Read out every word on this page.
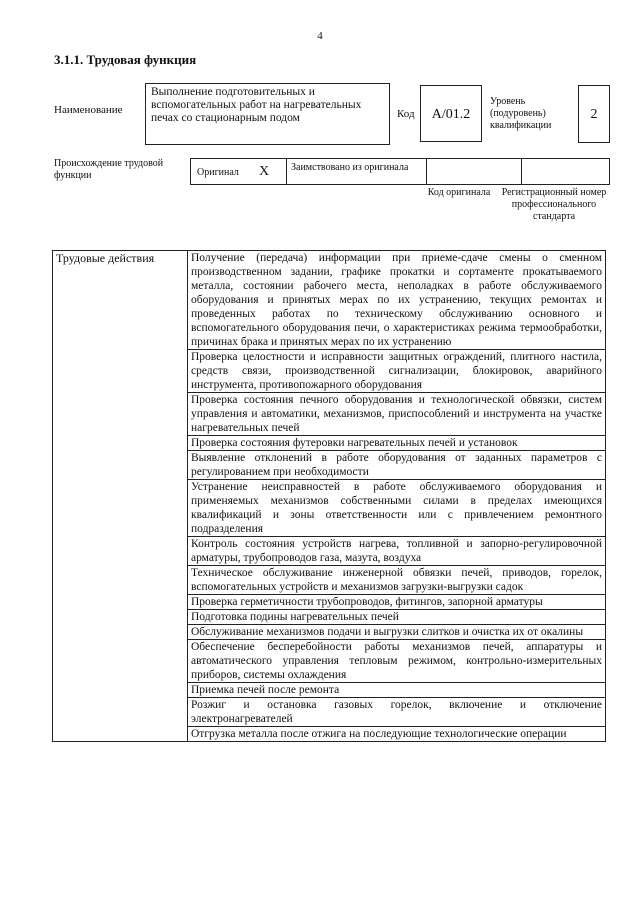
4
3.1.1. Трудовая функция
Наименование
Выполнение подготовительных и вспомогательных работ на нагревательных печах со стационарным подом	Код	A/01.2
Уровень (подуровень) квалификации
2
Происхождение трудовой функции	Оригинал X	Заимствовано из оригинала
Код оригинала Регистрационный номер профессионального стандарта
Трудовые действия	Получение (передача) информации при приеме-сдаче смены о сменном производственном задании, графике прокатки и сортаменте прокатываемого металла, состоянии рабочего места, неполадках в работе обслуживаемого оборудования и принятых мерах по их устранению, текущих ремонтах и проведенных работах по техническому обслуживанию основного и вспомогательного оборудования печи, о характеристиках режима термообработки, причинах брака и принятых мерах по их устранению
Проверка целостности и исправности защитных ограждений, плитного настила, средств связи, производственной сигнализации, блокировок, аварийного инструмента, противопожарного оборудования
Проверка состояния печного оборудования и технологической обвязки, систем управления и автоматики, механизмов, приспособлений и инструмента на участке нагревательных печей
Проверка состояния футеровки нагревательных печей и установок
Выявление отклонений в работе оборудования от заданных параметров с регулированием при необходимости
Устранение неисправностей в работе обслуживаемого оборудования и применяемых механизмов собственными силами в пределах имеющихся квалификаций и зоны ответственности или с привлечением ремонтного подразделения
Контроль состояния устройств нагрева, топливной и запорно-регулировочной арматуры, трубопроводов газа, мазута, воздуха
Техническое обслуживание инженерной обвязки печей, приводов, горелок, вспомогательных устройств и механизмов загрузки-выгрузки садок
Проверка герметичности трубопроводов, фитингов, запорной арматуры
Подготовка подины нагревательных печей
Обслуживание механизмов подачи и выгрузки слитков и очистка их от окалины
Обеспечение бесперебойности работы механизмов печей, аппаратуры и автоматического управления тепловым режимом, контрольно-измерительных приборов, системы охлаждения
Приемка печей после ремонта
Розжиг и остановка газовых горелок, включение и отключение электронагревателей
Отгрузка металла после отжига на последующие технологические операции
